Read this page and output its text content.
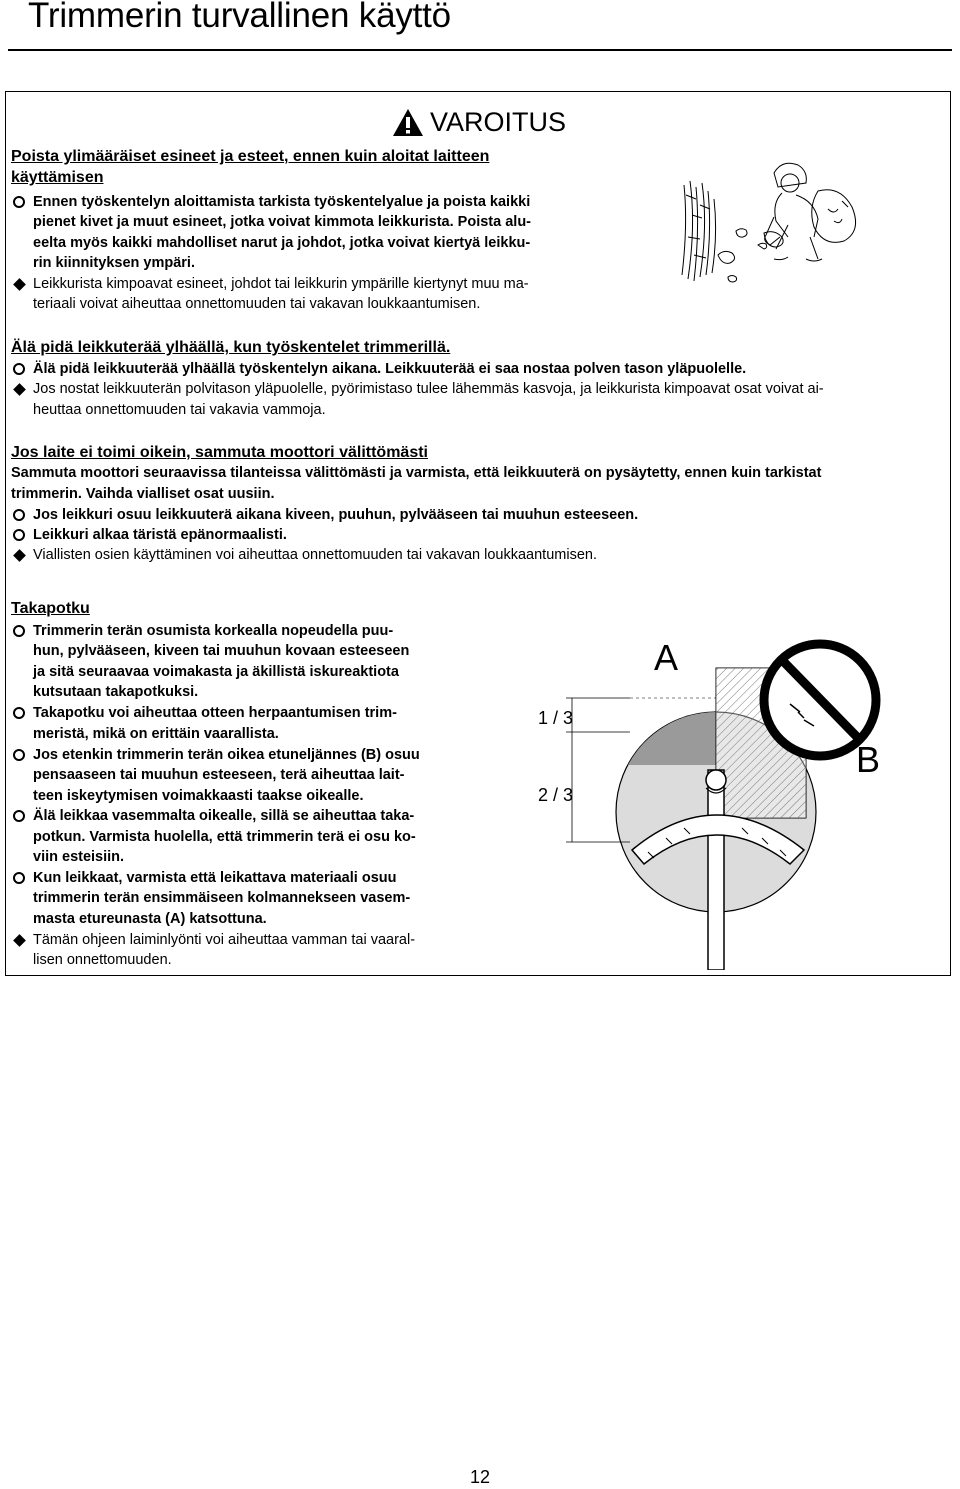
Trimmerin turvallinen käyttö
VAROITUS
Poista ylimääräiset esineet ja esteet, ennen kuin aloitat laitteen
käyttämisen
Ennen työskentelyn aloittamista tarkista työskentelyalue ja poista kaikki
pienet kivet ja muut esineet, jotka voivat kimmota leikkurista. Poista alu-
eelta myös kaikki mahdolliset narut ja johdot, jotka voivat kiertyä leikku-
rin kiinnityksen ympäri.
Leikkurista kimpoavat esineet, johdot tai leikkurin ympärille kiertynyt muu ma-
teriaali voivat aiheuttaa onnettomuuden tai vakavan loukkaantumisen.
Älä pidä leikkuterää ylhäällä, kun työskentelet trimmerillä.
Älä pidä leikkuuterää ylhäällä työskentelyn aikana. Leikkuuterää ei saa nostaa polven tason yläpuolelle.
Jos nostat leikkuuterän polvitason yläpuolelle, pyörimistaso tulee lähemmäs kasvoja, ja leikkurista kimpoavat osat voivat ai-
heuttaa onnettomuuden tai vakavia vammoja.
Jos laite ei toimi oikein, sammuta moottori välittömästi
Sammuta moottori seuraavissa tilanteissa välittömästi ja varmista, että leikkuuterä on pysäytetty, ennen kuin tarkistat
trimmerin. Vaihda vialliset osat uusiin.
Jos leikkuri osuu leikkuuterä aikana kiveen, puuhun, pylvääseen tai muuhun esteeseen.
Leikkuri alkaa täristä epänormaalisti.
Viallisten osien käyttäminen voi aiheuttaa onnettomuuden tai vakavan loukkaantumisen.
Takapotku
Trimmerin terän osumista korkealla nopeudella puu-
hun, pylvääseen, kiveen tai muuhun kovaan esteeseen
ja sitä seuraavaa voimakasta ja äkillistä iskureaktiota
kutsutaan takapotkuksi.
Takapotku voi aiheuttaa otteen herpaantumisen trim-
meristä, mikä on erittäin vaarallista.
Jos etenkin trimmerin terän oikea etuneljännes (B) osuu
pensaaseen tai muuhun esteeseen, terä aiheuttaa lait-
teen iskeytymisen voimakkaasti taakse oikealle.
Älä leikkaa vasemmalta oikealle, sillä se aiheuttaa taka-
potkun. Varmista huolella, että trimmerin terä ei osu ko-
viin esteisiin.
Kun leikkaat, varmista että leikattava materiaali osuu
trimmerin terän ensimmäiseen kolmannekseen vasem-
masta etureunasta (A) katsottuna.
Tämän ohjeen laiminlyönti voi aiheuttaa vamman tai vaaral-
lisen onnettomuuden.
A
B
1 / 3
2 / 3
12
